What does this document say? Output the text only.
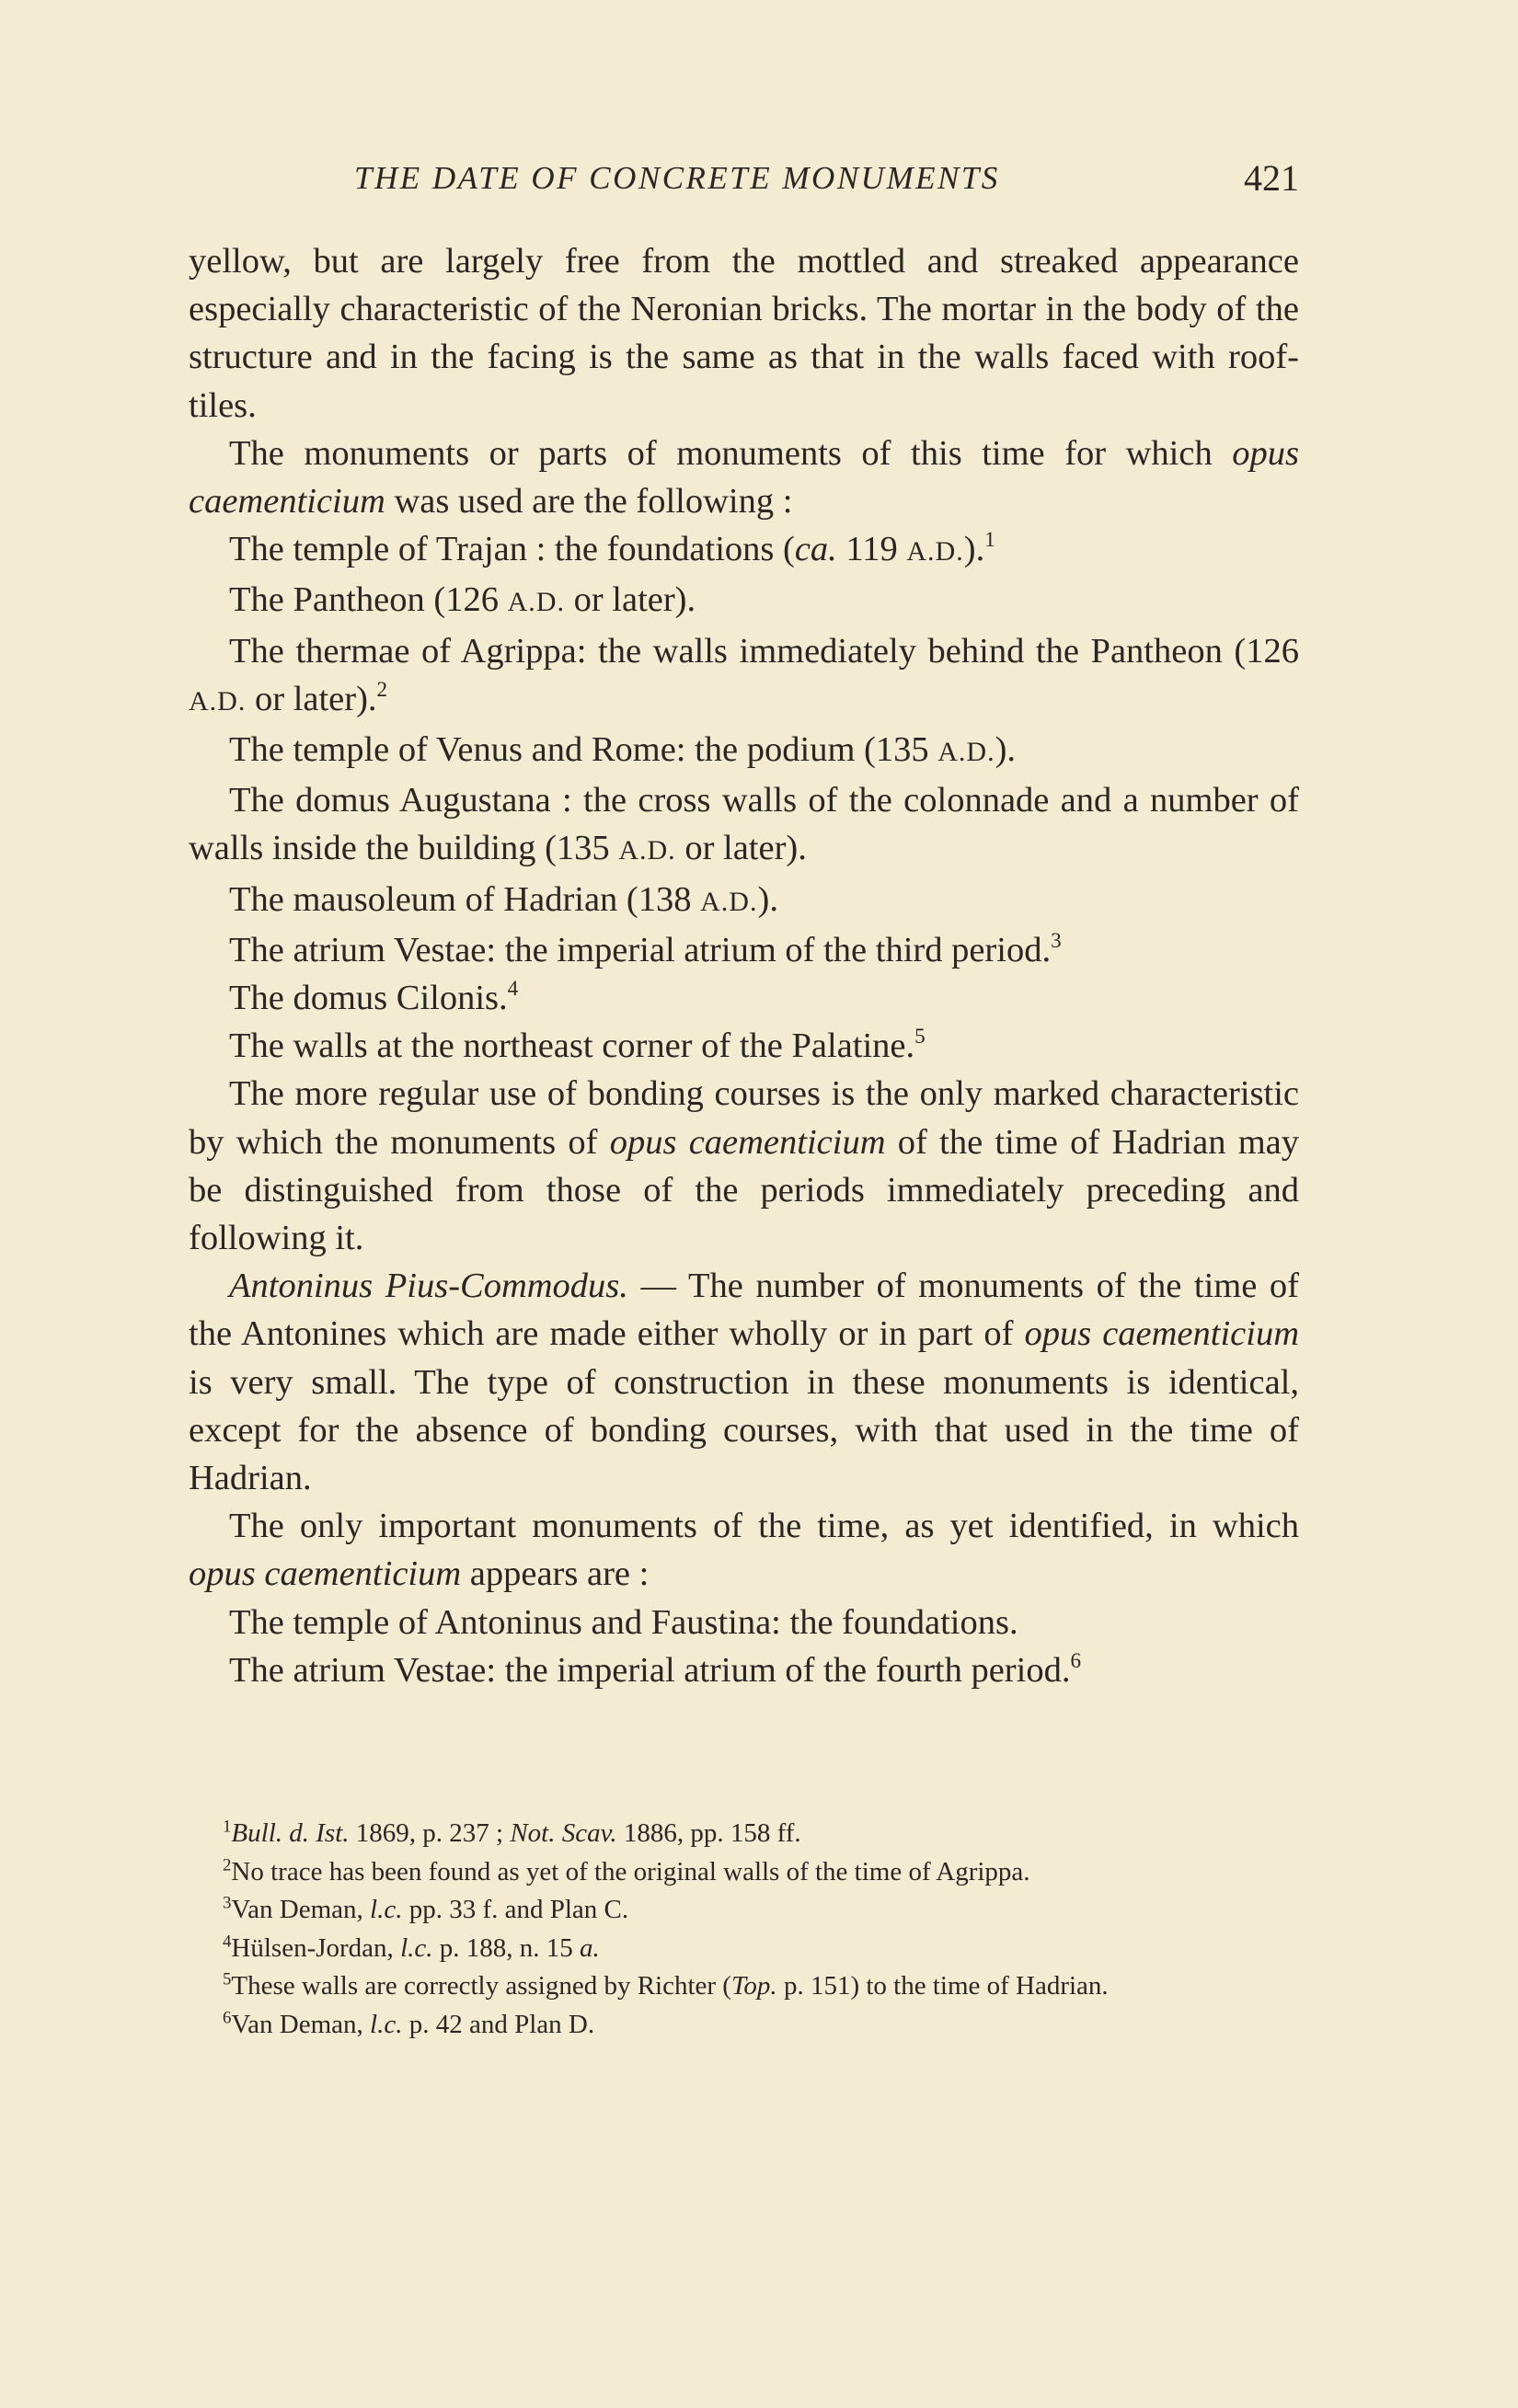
THE DATE OF CONCRETE MONUMENTS	421

yellow, but are largely free from the mottled and streaked appearance especially characteristic of the Neronian bricks. The mortar in the body of the structure and in the facing is the same as that in the walls faced with roof-tiles.

The monuments or parts of monuments of this time for which opus caementicium was used are the following :

The temple of Trajan : the foundations (ca. 119 A.D.).$^1$

The Pantheon (126 A.D. or later).

The thermae of Agrippa: the walls immediately behind the Pantheon (126 A.D. or later).$^2$

The temple of Venus and Rome: the podium (135 A.D.).

The domus Augustana : the cross walls of the colonnade and a number of walls inside the building (135 A.D. or later).

The mausoleum of Hadrian (138 A.D.).

The atrium Vestae: the imperial atrium of the third period.$^3$

The domus Cilonis.$^4$

The walls at the northeast corner of the Palatine.$^5$

The more regular use of bonding courses is the only marked characteristic by which the monuments of opus caementicium of the time of Hadrian may be distinguished from those of the periods immediately preceding and following it.

Antoninus Pius-Commodus. — The number of monuments of the time of the Antonines which are made either wholly or in part of opus caementicium is very small. The type of construction in these monuments is identical, except for the absence of bonding courses, with that used in the time of Hadrian.

The only important monuments of the time, as yet identified, in which opus caementicium appears are :

The temple of Antoninus and Faustina: the foundations.

The atrium Vestae: the imperial atrium of the fourth period.$^6$

$^1$Bull. d. Ist. 1869, p. 237 ; Not. Scav. 1886, pp. 158 ff.

$^2$No trace has been found as yet of the original walls of the time of Agrippa.

$^3$Van Deman, l.c. pp. 33 f. and Plan C.

$^4$Hülsen-Jordan, l.c. p. 188, n. 15 a.

$^5$These walls are correctly assigned by Richter (Top. p. 151) to the time of Hadrian.

$^6$Van Deman, l.c. p. 42 and Plan D.
